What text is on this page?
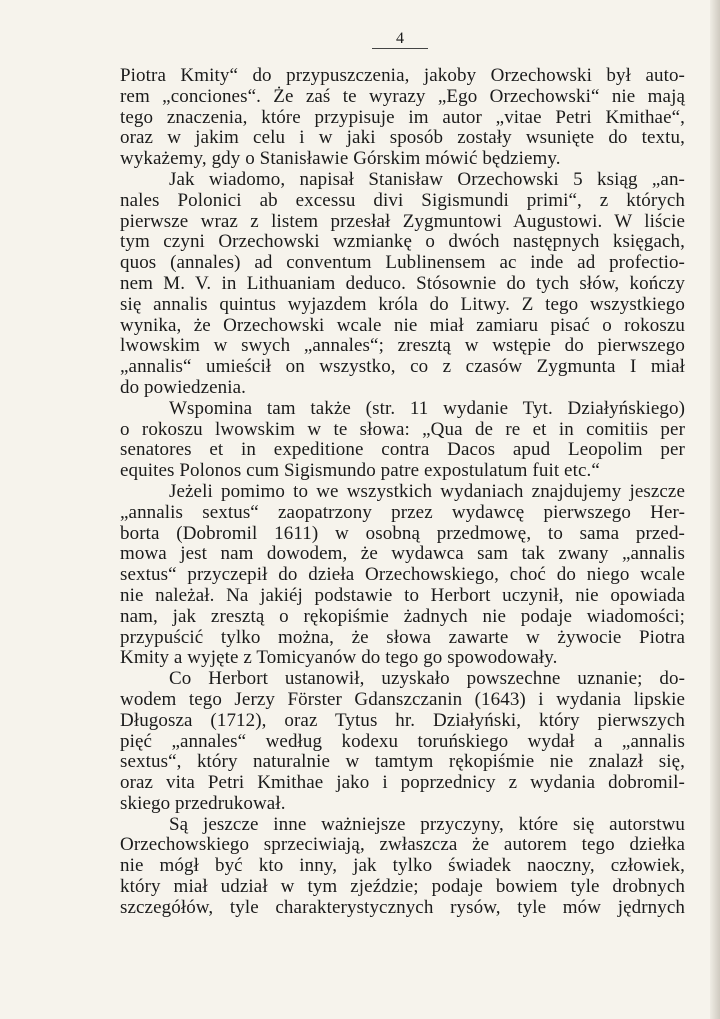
4
Piotra Kmity“ do przypuszczenia, jakoby Orzechowski był auto-
rem „conciones“. Że zaś te wyrazy „Ego Orzechowski“ nie mają
tego znaczenia, które przypisuje im autor „vitae Petri Kmithae“,
oraz w jakim celu i w jaki sposób zostały wsunięte do textu,
wykażemy, gdy o Stanisławie Górskim mówić będziemy.
Jak wiadomo, napisał Stanisław Orzechowski 5 ksiąg „an-
nales Polonici ab excessu divi Sigismundi primi“, z których
pierwsze wraz z listem przesłał Zygmuntowi Augustowi. W liście
tym czyni Orzechowski wzmiankę o dwóch następnych księgach,
quos (annales) ad conventum Lublinensem ac inde ad profectio-
nem M. V. in Lithuaniam deduco. Stósownie do tych słów, kończy
się annalis quintus wyjazdem króla do Litwy. Z tego wszystkiego
wynika, że Orzechowski wcale nie miał zamiaru pisać o rokoszu
lwowskim w swych „annales“; zresztą w wstępie do pierwszego
„annalis“ umieścił on wszystko, co z czasów Zygmunta I miał
do powiedzenia.
Wspomina tam także (str. 11 wydanie Tyt. Działyńskiego)
o rokoszu lwowskim w te słowa: „Qua de re et in comitiis per
senatores et in expeditione contra Dacos apud Leopolim per
equites Polonos cum Sigismundo patre expostulatum fuit etc.“
Jeżeli pomimo to we wszystkich wydaniach znajdujemy jeszcze
„annalis sextus“ zaopatrzony przez wydawcę pierwszego Her-
borta (Dobromil 1611) w osobną przedmowę, to sama przed-
mowa jest nam dowodem, że wydawca sam tak zwany „annalis
sextus“ przyczepił do dzieła Orzechowskiego, choć do niego wcale
nie należał. Na jakiéj podstawie to Herbort uczynił, nie opowiada
nam, jak zresztą o rękopiśmie żadnych nie podaje wiadomości;
przypuścić tylko można, że słowa zawarte w żywocie Piotra
Kmity a wyjęte z Tomicyanów do tego go spowodowały.
Co Herbort ustanowił, uzyskało powszechne uznanie; do-
wodem tego Jerzy Förster Gdanszczanin (1643) i wydania lipskie
Długosza (1712), oraz Tytus hr. Działyński, który pierwszych
pięć „annales“ według kodexu toruńskiego wydał a „annalis
sextus“, który naturalnie w tamtym rękopiśmie nie znalazł się,
oraz vita Petri Kmithae jako i poprzednicy z wydania dobromil-
skiego przedrukował.
Są jeszcze inne ważniejsze przyczyny, które się autorstwu
Orzechowskiego sprzeciwiają, zwłaszcza że autorem tego dziełka
nie mógł być kto inny, jak tylko świadek naoczny, człowiek,
który miał udział w tym zjeździe; podaje bowiem tyle drobnych
szczegółów, tyle charakterystycznych rysów, tyle mów jędrnych
